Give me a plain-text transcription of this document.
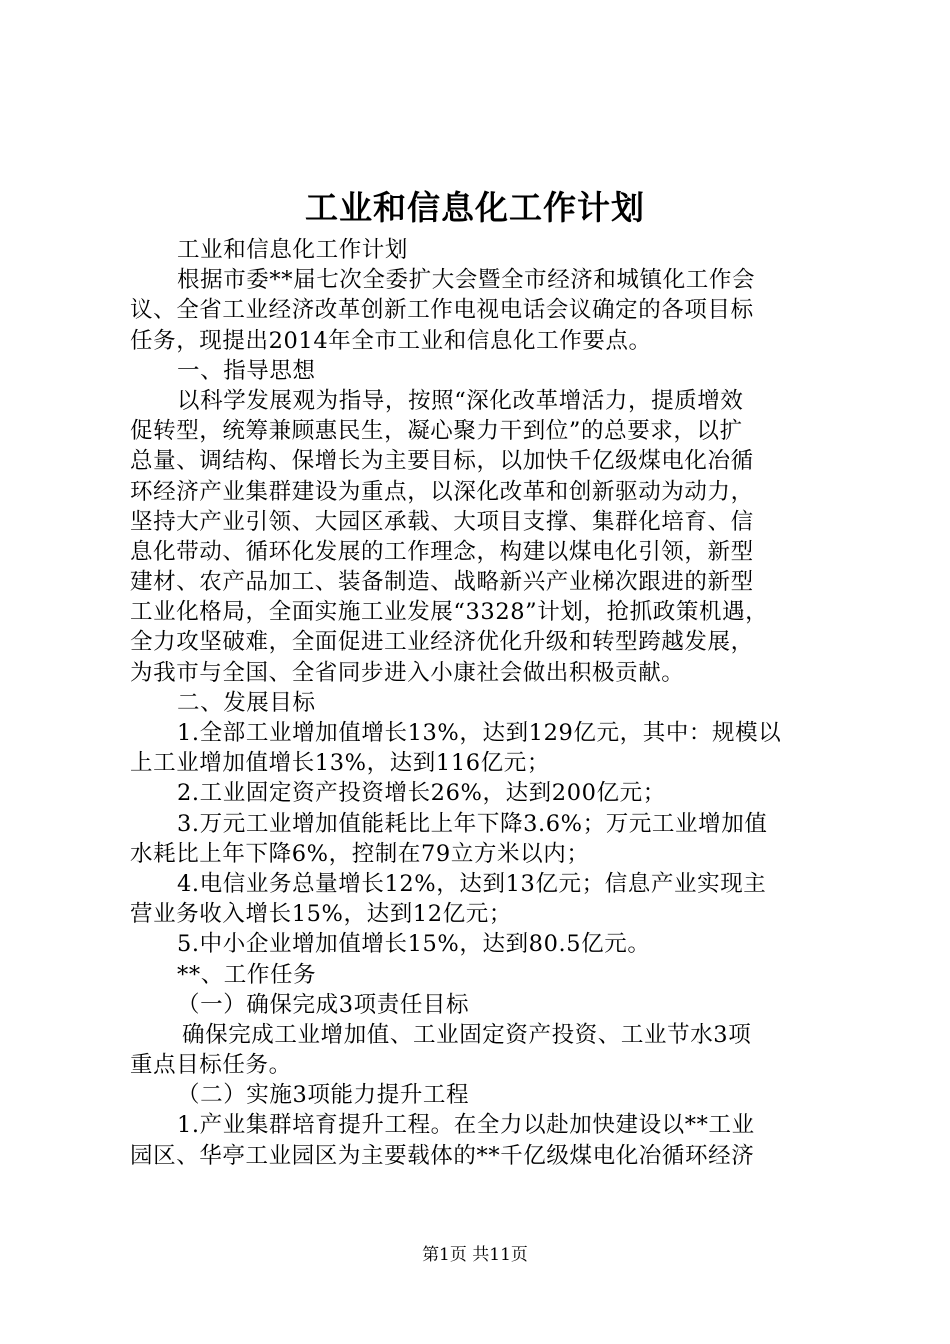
工业和信息化工作计划

工业和信息化工作计划

根据市委**届七次全委扩大会暨全市经济和城镇化工作会

议、全省工业经济改革创新工作电视电话会议确定的各项目标

任务，现提出2014年全市工业和信息化工作要点。

一、指导思想

以科学发展观为指导，按照“深化改革增活力，提质增效

促转型，统筹兼顾惠民生，凝心聚力干到位”的总要求，以扩

总量、调结构、保增长为主要目标，以加快千亿级煤电化冶循

环经济产业集群建设为重点，以深化改革和创新驱动为动力，

坚持大产业引领、大园区承载、大项目支撑、集群化培育、信

息化带动、循环化发展的工作理念，构建以煤电化引领，新型

建材、农产品加工、装备制造、战略新兴产业梯次跟进的新型

工业化格局，全面实施工业发展“3328”计划，抢抓政策机遇，

全力攻坚破难，全面促进工业经济优化升级和转型跨越发展，

为我市与全国、全省同步进入小康社会做出积极贡献。

二、发展目标

1.全部工业增加值增长13%，达到129亿元，其中：规模以

上工业增加值增长13%，达到116亿元；

2.工业固定资产投资增长26%，达到200亿元；

3.万元工业增加值能耗比上年下降3.6%；万元工业增加值

水耗比上年下降6%，控制在79立方米以内；

4.电信业务总量增长12%，达到13亿元；信息产业实现主

营业务收入增长15%，达到12亿元；

5.中小企业增加值增长15%，达到80.5亿元。

**、工作任务

（一）确保完成3项责任目标

确保完成工业增加值、工业固定资产投资、工业节水3项

重点目标任务。

（二）实施3项能力提升工程

1.产业集群培育提升工程。在全力以赴加快建设以**工业

园区、华亭工业园区为主要载体的**千亿级煤电化冶循环经济

第1页 共11页
